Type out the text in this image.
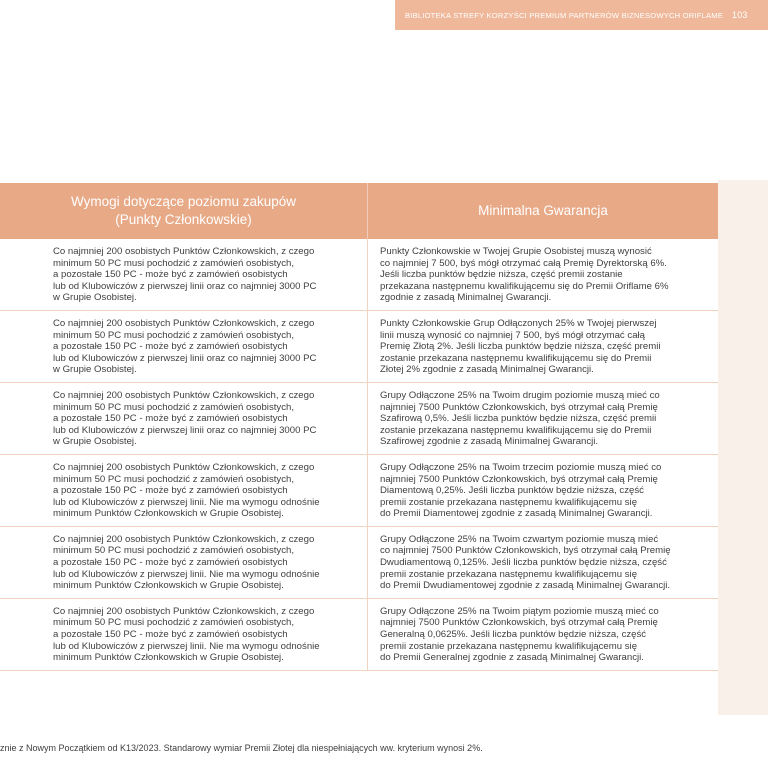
BIBLIOTEKA STREFY KORZYŚCI PREMIUM PARTNERÓW BIZNESOWYCH ORIFLAME 103
Wymogi dotyczące poziomu zakupów (Punkty Członkowskie)
Minimalna Gwarancja

Co najmniej 200 osobistych Punktów Członkowskich, z czego
minimum 50 PC musi pochodzić z zamówień osobistych,
a pozostałe 150 PC - może być z zamówień osobistych
lub od Klubowiczów z pierwszej linii oraz co najmniej 3000 PC
w Grupie Osobistej.

Punkty Członkowskie w Twojej Grupie Osobistej muszą wynosić
co najmniej 7 500, byś mógł otrzymać całą Premię Dyrektorską 6%.
Jeśli liczba punktów będzie niższa, część premii zostanie
przekazana następnemu kwalifikującemu się do Premii Oriflame 6%
zgodnie z zasadą Minimalnej Gwarancji.

Co najmniej 200 osobistych Punktów Członkowskich, z czego
minimum 50 PC musi pochodzić z zamówień osobistych,
a pozostałe 150 PC - może być z zamówień osobistych
lub od Klubowiczów z pierwszej linii oraz co najmniej 3000 PC
w Grupie Osobistej.

Punkty Członkowskie Grup Odłączonych 25% w Twojej pierwszej
linii muszą wynosić co najmniej 7 500, byś mógł otrzymać całą
Premię Złotą 2%. Jeśli liczba punktów będzie niższa, część premii
zostanie przekazana następnemu kwalifikującemu się do Premii
Złotej 2% zgodnie z zasadą Minimalnej Gwarancji.

Co najmniej 200 osobistych Punktów Członkowskich, z czego
minimum 50 PC musi pochodzić z zamówień osobistych,
a pozostałe 150 PC - może być z zamówień osobistych
lub od Klubowiczów z pierwszej linii oraz co najmniej 3000 PC
w Grupie Osobistej.

Grupy Odłączone 25% na Twoim drugim poziomie muszą mieć co
najmniej 7500 Punktów Członkowskich, byś otrzymał całą Premię
Szafirową 0,5%. Jeśli liczba punktów będzie niższa, część premii
zostanie przekazana następnemu kwalifikującemu się do Premii
Szafirowej zgodnie z zasadą Minimalnej Gwarancji.

Co najmniej 200 osobistych Punktów Członkowskich, z czego
minimum 50 PC musi pochodzić z zamówień osobistych,
a pozostałe 150 PC - może być z zamówień osobistych
lub od Klubowiczów z pierwszej linii. Nie ma wymogu odnośnie
minimum Punktów Członkowskich w Grupie Osobistej.

Grupy Odłączone 25% na Twoim trzecim poziomie muszą mieć co
najmniej 7500 Punktów Członkowskich, byś otrzymał całą Premię
Diamentową 0,25%. Jeśli liczba punktów będzie niższa, część
premii zostanie przekazana następnemu kwalifikującemu się
do Premii Diamentowej zgodnie z zasadą Minimalnej Gwarancji.

Co najmniej 200 osobistych Punktów Członkowskich, z czego
minimum 50 PC musi pochodzić z zamówień osobistych,
a pozostałe 150 PC - może być z zamówień osobistych
lub od Klubowiczów z pierwszej linii. Nie ma wymogu odnośnie
minimum Punktów Członkowskich w Grupie Osobistej.

Grupy Odłączone 25% na Twoim czwartym poziomie muszą mieć
co najmniej 7500 Punktów Członkowskich, byś otrzymał całą Premię
Dwudiamentową 0,125%. Jeśli liczba punktów będzie niższa, część
premii zostanie przekazana następnemu kwalifikującemu się
do Premii Dwudiamentowej zgodnie z zasadą Minimalnej Gwarancji.

Co najmniej 200 osobistych Punktów Członkowskich, z czego
minimum 50 PC musi pochodzić z zamówień osobistych,
a pozostałe 150 PC - może być z zamówień osobistych
lub od Klubowiczów z pierwszej linii. Nie ma wymogu odnośnie
minimum Punktów Członkowskich w Grupie Osobistej.

Grupy Odłączone 25% na Twoim piątym poziomie muszą mieć co
najmniej 7500 Punktów Członkowskich, byś otrzymał całą Premię
Generalną 0,0625%. Jeśli liczba punktów będzie niższa, część
premii zostanie przekazana następnemu kwalifikującemu się
do Premii Generalnej zgodnie z zasadą Minimalnej Gwarancji.

znie z Nowym Początkiem od K13/2023. Standarowy wymiar Premii Złotej dla niespełniających ww. kryterium wynosi 2%.
